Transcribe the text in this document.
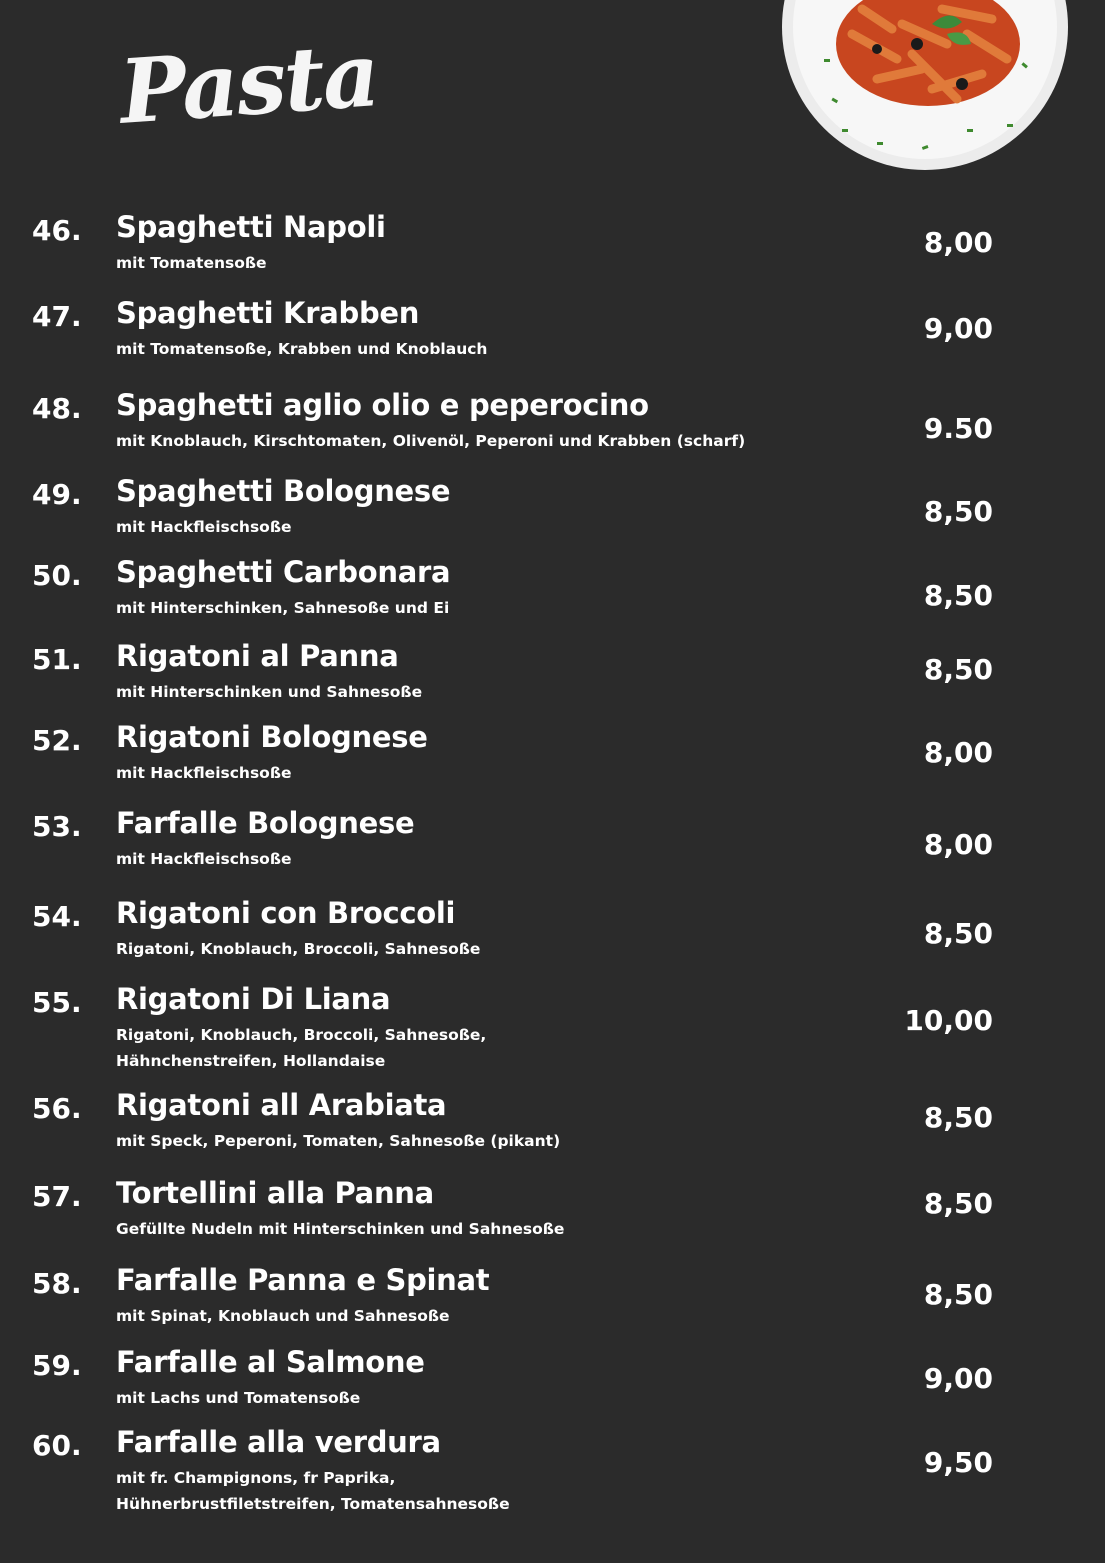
Pasta
46. Spaghetti Napoli
mit Tomatensoße
8,00
47. Spaghetti Krabben
mit Tomatensoße, Krabben und Knoblauch
9,00
48. Spaghetti aglio olio e peperocino
mit Knoblauch, Kirschtomaten, Olivenöl, Peperoni und Krabben (scharf)	9.50
49. Spaghetti Bolognese
mit Hackfleischsoße	8,50
50. Spaghetti Carbonara
mit Hinterschinken, Sahnesoße und Ei	8,50
51. Rigatoni al Panna
mit Hinterschinken und Sahnesoße
8,50
52. Rigatoni Bolognese
mit Hackfleischsoße
8,00
53. Farfalle Bolognese
mit Hackfleischsoße	8,00
54. Rigatoni con Broccoli
Rigatoni, Knoblauch, Broccoli, Sahnesoße	8,50
55. Rigatoni Di Liana
Rigatoni, Knoblauch, Broccoli, Sahnesoße,
Hähnchenstreifen, Hollandaise
10,00
56. Rigatoni all Arabiata
mit Speck, Peperoni, Tomaten, Sahnesoße (pikant)
8,50
57. Tortellini alla Panna
Gefüllte Nudeln mit Hinterschinken und Sahnesoße
8,50
58. Farfalle Panna e Spinat
mit Spinat, Knoblauch und Sahnesoße
8,50
59. Farfalle al Salmone
mit Lachs und Tomatensoße
9,00
60. Farfalle alla verdura
mit fr. Champignons, fr Paprika,
Hühnerbrustfiletstreifen, Tomatensahnesoße
9,50
